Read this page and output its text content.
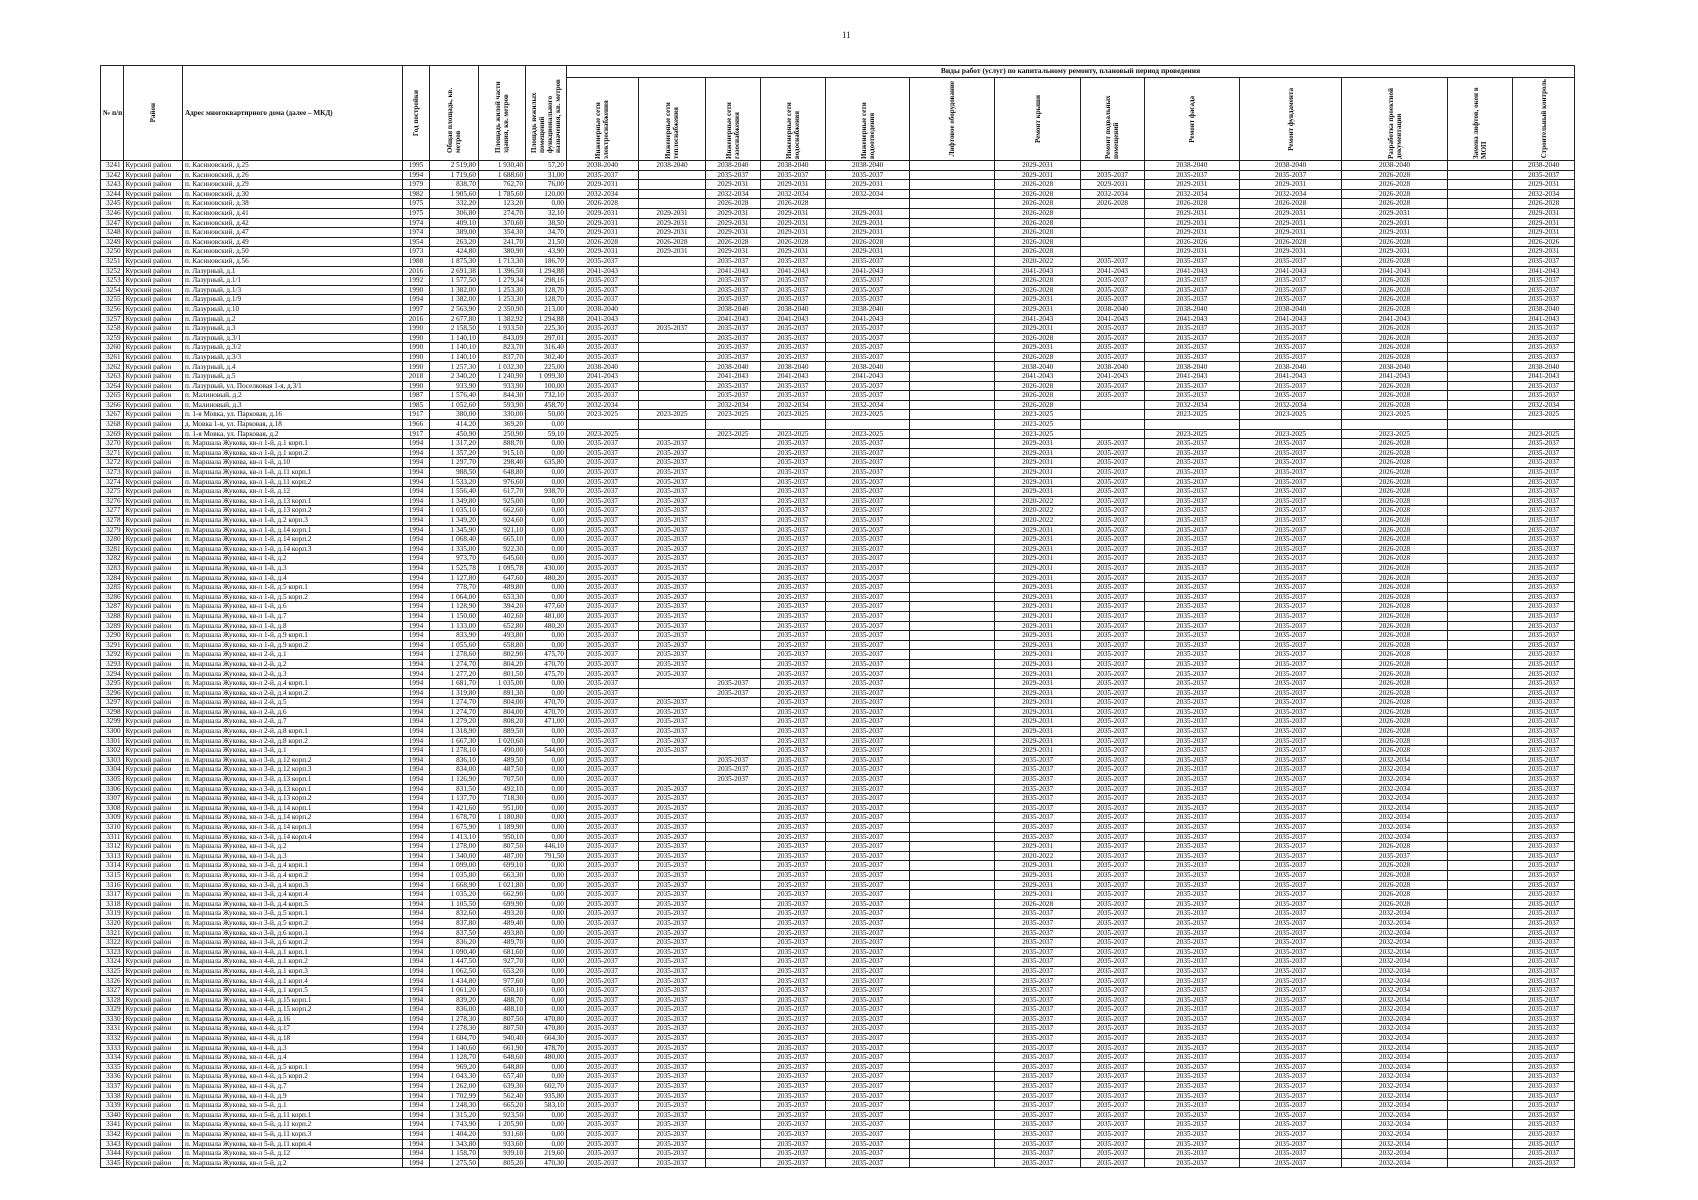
11
№ п/п	Район	Адрес многоквартирного дома (далее – МКД)	Год постройки	Общая площадь, кв. метров	Площадь жилой части здания, кв. метров	Площадь нежилых помещений функционального назначения, кв. метров	Виды работ (услуг) по капитальному ремонту, плановый период проведения												

							Инженерные сети электроснабжения	Инженерные сети теплоснабжения	Инженерные сети газоснабжения	Инженерные сети водоснабжения	Инженерные сети водоотведения	Лифтовое оборудование	Ремонт крыши	Ремонт подвальных помещений	Ремонт фасада	Ремонт фундамента	Разработка проектной документации	Замена лифтов, окон в МОП	Строительный контроль

3241	Курский район	п. Касиновский, д.25	1995	2 519,80	1 930,40	57,20	2038-2040	2038-2040	2038-2040	2038-2040	2038-2040		2029-2031		2038-2040	2038-2040	2038-2040		2038-2040
3242	Курский район	п. Касиновский, д.26	1994	1 719,60	1 688,60	31,00	2035-2037		2035-2037	2035-2037	2035-2037		2029-2031	2035-2037	2035-2037	2035-2037	2026-2028		2035-2037
3243	Курский район	п. Касиновский, д.29	1979	838,70	762,70	76,00	2029-2031		2029-2031	2029-2031	2029-2031		2026-2028	2029-2031	2029-2031	2029-2031	2026-2028		2029-2031
3244	Курский район	п. Касиновский, д.30	1982	1 905,60	1 785,60	120,00	2032-2034		2032-2034	2032-2034	2032-2034		2026-2028	2032-2034	2032-2034	2032-2034	2026-2028		2032-2034
3245	Курский район	п. Касиновский, д.38	1975	332,20	123,20	0,00	2026-2028		2026-2028	2026-2028			2026-2028	2026-2028	2026-2028	2026-2028	2026-2028		2026-2028
3246	Курский район	п. Касиновский, д.41	1975	306,80	274,70	32,10	2029-2031	2029-2031	2029-2031	2029-2031	2029-2031		2026-2028		2029-2031	2029-2031	2029-2031		2029-2031
3247	Курский район	п. Касиновский, д.42	1974	409,10	370,60	38,50	2029-2031	2029-2031	2029-2031	2029-2031	2029-2031		2026-2028		2029-2031	2029-2031	2029-2031		2029-2031
3248	Курский район	п. Касиновский, д.47	1974	389,00	354,30	34,70	2029-2031	2029-2031	2029-2031	2029-2031	2029-2031		2026-2028		2029-2031	2029-2031	2029-2031		2029-2031
3249	Курский район	п. Касиновский, д.49	1954	263,20	241,70	21,50	2026-2028	2026-2028	2026-2028	2026-2028	2026-2028		2026-2028		2026-2026	2026-2028	2026-2028		2026-2026
3250	Курский район	п. Касиновский, д.50	1973	424,80	380,90	43,90	2029-2031	2029-2031	2029-2031	2029-2031	2029-2031		2026-2028		2029-2031	2029-2031	2029-2031		2029-2031
3251	Курский район	п. Касиновский, д.56	1988	1 875,30	1 713,30	186,70	2035-2037		2035-2037	2035-2037	2035-2037		2020-2022	2035-2037	2035-2037	2035-2037	2026-2028		2035-2037
3252	Курский район	п. Лазурный, д.1	2016	2 691,38	1 396,50	1 294,88	2041-2043		2041-2043	2041-2043	2041-2043		2041-2043	2041-2043	2041-2043	2041-2043	2041-2043		2041-2043
3253	Курский район	п. Лазурный, д.1/1	1992	1 577,50	1 279,34	298,16	2035-2037		2035-2037	2035-2037	2035-2037		2026-2028	2035-2037	2035-2037	2035-2037	2026-2028		2035-2037
3254	Курский район	п. Лазурный, д.1/3	1990	1 382,00	1 253,30	128,70	2035-2037		2035-2037	2035-2037	2035-2037		2026-2028	2035-2037	2035-2037	2035-2037	2026-2028		2035-2037
3255	Курский район	п. Лазурный, д.1/9	1994	1 382,00	1 253,30	128,70	2035-2037		2035-2037	2035-2037	2035-2037		2029-2031	2035-2037	2035-2037	2035-2037	2026-2028		2035-2037
3256	Курский район	п. Лазурный, д.10	1997	2 563,90	2 350,90	213,00	2038-2040		2038-2040	2038-2040	2038-2040		2029-2031	2038-2040	2038-2040	2038-2040	2026-2028		2038-2040
3257	Курский район	п. Лазурный, д.2	2016	2 677,80	1 382,92	1 294,88	2041-2043		2041-2043	2041-2043	2041-2043		2041-2043	2041-2043	2041-2043	2041-2043	2041-2043		2041-2043
3258	Курский район	п. Лазурный, д.3	1990	2 158,50	1 933,50	225,30	2035-2037	2035-2037	2035-2037	2035-2037	2035-2037		2029-2031	2035-2037	2035-2037	2035-2037	2026-2028		2035-2037
3259	Курский район	п. Лазурный, д.3/1	1990	1 140,10	843,09	297,01	2035-2037		2035-2037	2035-2037	2035-2037		2026-2028	2035-2037	2035-2037	2035-2037	2026-2028		2035-2037
3260	Курский район	п. Лазурный, д.3/2	1990	1 140,10	823,70	316,40	2035-2037		2035-2037	2035-2037	2035-2037		2029-2031	2035-2037	2035-2037	2035-2037	2026-2028		2035-2037
3261	Курский район	п. Лазурный, д.3/3	1990	1 140,10	837,70	302,40	2035-2037		2035-2037	2035-2037	2035-2037		2026-2028	2035-2037	2035-2037	2035-2037	2026-2028		2035-2037
3262	Курский район	п. Лазурный, д.4	1990	1 257,30	1 032,30	225,00	2038-2040		2038-2040	2038-2040	2038-2040		2038-2040	2038-2040	2038-2040	2038-2040	2038-2040		2038-2040
3263	Курский район	п. Лазурный, д.5	2018	2 340,20	1 240,90	1 099,30	2041-2043		2041-2043	2041-2043	2041-2043		2041-2043	2041-2043	2041-2043	2041-2043	2041-2043		2041-2043
3264	Курский район	п. Лазурный, ул. Поселковая 1-я, д.3/1	1990	933,90	933,90	100,00	2035-2037		2035-2037	2035-2037	2035-2037		2026-2028	2035-2037	2035-2037	2035-2037	2026-2028		2035-2037
3265	Курский район	п. Малиновый, д.2	1987	1 576,40	844,30	732,10	2035-2037		2035-2037	2035-2037	2035-2037		2026-2028	2035-2037	2035-2037	2035-2037	2026-2028		2035-2037
3266	Курский район	п. Малиновый, д.3	1985	1 052,60	593,90	458,70	2032-2034		2032-2034	2032-2034	2032-2034		2026-2028		2032-2034	2032-2034	2026-2028		2032-2034
3267	Курский район	п. 1-я Мовка, ул. Парковая, д.16	1917	380,00	330,00	50,00	2023-2025	2023-2025	2023-2025	2023-2025	2023-2025		2023-2025		2023-2025	2023-2025	2023-2025		2023-2025
3268	Курский район	д. Мовка 1-я, ул. Парковая, д.18	1966	414,20	369,20	0,00							2023-2025						
3269	Курский район	п. 1-я Мовка, ул. Парковая, д.2	1917	450,90	250,90	59,10	2023-2025		2023-2025	2023-2025	2023-2025		2023-2025		2023-2025	2023-2025	2023-2025		2023-2025
3270	Курский район	п. Маршала Жукова, кв-л 1-й, д.1 корп.1	1994	1 317,20	888,70	0,00	2035-2037	2035-2037		2035-2037	2035-2037		2029-2031	2035-2037	2035-2037	2035-2037	2026-2028		2035-2037
3271	Курский район	п. Маршала Жукова, кв-л 1-й, д.1 корп.2	1994	1 357,20	915,10	0,00	2035-2037	2035-2037		2035-2037	2035-2037		2029-2031	2035-2037	2035-2037	2035-2037	2026-2028		2035-2037
3272	Курский район	п. Маршала Жукова, кв-л 1-й, д.10	1994	1 297,70	298,40	635,80	2035-2037	2035-2037		2035-2037	2035-2037		2029-2031	2035-2037	2035-2037	2035-2037	2026-2028		2035-2037
3273	Курский район	п. Маршала Жукова, кв-л 1-й, д.11 корп.1	1994	988,50	648,80	0,00	2035-2037	2035-2037		2035-2037	2035-2037		2029-2031	2035-2037	2035-2037	2035-2037	2026-2028		2035-2037
3274	Курский район	п. Маршала Жукова, кв-л 1-й, д.11 корп.2	1994	1 533,20	976,60	0,00	2035-2037	2035-2037		2035-2037	2035-2037		2029-2031	2035-2037	2035-2037	2035-2037	2026-2028		2035-2037
3275	Курский район	п. Маршала Жукова, кв-л 1-й, д.12	1994	1 556,40	617,70	938,70	2035-2037	2035-2037		2035-2037	2035-2037		2029-2031	2035-2037	2035-2037	2035-2037	2026-2028		2035-2037
3276	Курский район	п. Маршала Жукова, кв-л 1-й, д.13 корп.1	1994	1 349,80	925,00	0,00	2035-2037	2035-2037		2035-2037	2035-2037		2020-2022	2035-2037	2035-2037	2035-2037	2026-2028		2035-2037
3277	Курский район	п. Маршала Жукова, кв-л 1-й, д.13 корп.2	1994	1 035,10	662,60	0,00	2035-2037	2035-2037		2035-2037	2035-2037		2020-2022	2035-2037	2035-2037	2035-2037	2026-2028		2035-2037
3278	Курский район	п. Маршала Жукова, кв-л 1-й, д.2 корп.3	1994	1 349,20	924,60	0,00	2035-2037	2035-2037		2035-2037	2035-2037		2020-2022	2035-2037	2035-2037	2035-2037	2026-2028		2035-2037
3279	Курский район	п. Маршала Жукова, кв-л 1-й, д.14 корп.1	1994	1 345,90	921,10	0,00	2035-2037	2035-2037		2035-2037	2035-2037		2029-2031	2035-2037	2035-2037	2035-2037	2026-2028		2035-2037
3280	Курский район	п. Маршала Жукова, кв-л 1-й, д.14 корп.2	1994	1 068,40	665,10	0,00	2035-2037	2035-2037		2035-2037	2035-2037		2029-2031	2035-2037	2035-2037	2035-2037	2026-2028		2035-2037
3281	Курский район	п. Маршала Жукова, кв-л 1-й, д.14 корп.3	1994	1 335,00	922,30	0,00	2035-2037	2035-2037		2035-2037	2035-2037		2029-2031	2035-2037	2035-2037	2035-2037	2026-2028		2035-2037
3282	Курский район	п. Маршала Жукова, кв-л 1-й, д.2	1994	973,70	645,60	0,00	2035-2037	2035-2037		2035-2037	2035-2037		2029-2031	2035-2037	2035-2037	2035-2037	2026-2028		2035-2037
3283	Курский район	п. Маршала Жукова, кв-л 1-й, д.3	1994	1 525,78	1 095,78	430,00	2035-2037	2035-2037		2035-2037	2035-2037		2029-2031	2035-2037	2035-2037	2035-2037	2026-2028		2035-2037
3284	Курский район	п. Маршала Жукова, кв-л 1-й, д.4	1994	1 127,80	647,60	480,20	2035-2037	2035-2037		2035-2037	2035-2037		2029-2031	2035-2037	2035-2037	2035-2037	2026-2028		2035-2037
3285	Курский район	п. Маршала Жукова, кв-л 1-й, д.5 корп.1	1994	778,70	489,80	0,00	2035-2037	2035-2037		2035-2037	2035-2037		2029-2031	2035-2037	2035-2037	2035-2037	2026-2028		2035-2037
3286	Курский район	п. Маршала Жукова, кв-л 1-й, д.5 корп.2	1994	1 064,00	653,30	0,00	2035-2037	2035-2037		2035-2037	2035-2037		2029-2031	2035-2037	2035-2037	2035-2037	2026-2028		2035-2037
3287	Курский район	п. Маршала Жукова, кв-л 1-й, д.6	1994	1 128,90	394,20	477,60	2035-2037	2035-2037		2035-2037	2035-2037		2029-2031	2035-2037	2035-2037	2035-2037	2026-2028		2035-2037
3288	Курский район	п. Маршала Жукова, кв-л 1-й, д.7	1994	1 150,00	402,60	481,00	2035-2037	2035-2037		2035-2037	2035-2037		2029-2031	2035-2037	2035-2037	2035-2037	2026-2028		2035-2037
3289	Курский район	п. Маршала Жукова, кв-л 1-й, д.8	1994	1 133,00	652,80	480,20	2035-2037	2035-2037		2035-2037	2035-2037		2029-2031	2035-2037	2035-2037	2035-2037	2026-2028		2035-2037
3290	Курский район	п. Маршала Жукова, кв-л 1-й, д.9 корп.1	1994	833,90	493,80	0,00	2035-2037	2035-2037		2035-2037	2035-2037		2029-2031	2035-2037	2035-2037	2035-2037	2026-2028		2035-2037
3291	Курский район	п. Маршала Жукова, кв-л 1-й, д.9 корп.2	1994	1 055,60	658,80	0,00	2035-2037	2035-2037		2035-2037	2035-2037		2029-2031	2035-2037	2035-2037	2035-2037	2026-2028		2035-2037
3292	Курский район	п. Маршала Жукова, кв-л 2-й, д.1	1994	1 278,60	802,90	475,70	2035-2037	2035-2037		2035-2037	2035-2037		2029-2031	2035-2037	2035-2037	2035-2037	2026-2028		2035-2037
3293	Курский район	п. Маршала Жукова, кв-л 2-й, д.2	1994	1 274,70	804,20	470,70	2035-2037	2035-2037		2035-2037	2035-2037		2029-2031	2035-2037	2035-2037	2035-2037	2026-2028		2035-2037
3294	Курский район	п. Маршала Жукова, кв-л 2-й, д.3	1994	1 277,20	801,50	475,70	2035-2037	2035-2037		2035-2037	2035-2037		2029-2031	2035-2037	2035-2037	2035-2037	2026-2028		2035-2037
3295	Курский район	п. Маршала Жукова, кв-л 2-й, д.4 корп.1	1994	1 681,70	1 035,00	0,00	2035-2037		2035-2037	2035-2037	2035-2037		2029-2031	2035-2037	2035-2037	2035-2037	2026-2028		2035-2037
3296	Курский район	п. Маршала Жукова, кв-л 2-й, д.4 корп.2	1994	1 319,80	891,30	0,00	2035-2037		2035-2037	2035-2037	2035-2037		2029-2031	2035-2037	2035-2037	2035-2037	2026-2028		2035-2037
3297	Курский район	п. Маршала Жукова, кв-л 2-й, д.5	1994	1 274,70	804,00	470,70	2035-2037	2035-2037		2035-2037	2035-2037		2029-2031	2035-2037	2035-2037	2035-2037	2026-2028		2035-2037
3298	Курский район	п. Маршала Жукова, кв-л 2-й, д.6	1994	1 274,70	804,00	470,70	2035-2037	2035-2037		2035-2037	2035-2037		2029-2031	2035-2037	2035-2037	2035-2037	2026-2028		2035-2037
3299	Курский район	п. Маршала Жукова, кв-л 2-й, д.7	1994	1 279,20	808,20	471,00	2035-2037	2035-2037		2035-2037	2035-2037		2029-2031	2035-2037	2035-2037	2035-2037	2026-2028		2035-2037
3300	Курский район	п. Маршала Жукова, кв-л 2-й, д.8 корп.1	1994	1 318,90	889,50	0,00	2035-2037	2035-2037		2035-2037	2035-2037		2029-2031	2035-2037	2035-2037	2035-2037	2026-2028		2035-2037
3301	Курский район	п. Маршала Жукова, кв-л 2-й, д.8 корп.2	1994	1 667,30	1 020,60	0,00	2035-2037	2035-2037		2035-2037	2035-2037		2029-2031	2035-2037	2035-2037	2035-2037	2026-2028		2035-2037
3302	Курский район	п. Маршала Жукова, кв-л 3-й, д.1	1994	1 278,10	490,00	544,00	2035-2037	2035-2037		2035-2037	2035-2037		2029-2031	2035-2037	2035-2037	2035-2037	2026-2028		2035-2037
3303	Курский район	п. Маршала Жукова, кв-л 3-й, д.12 корп.2	1994	836,10	489,50	0,00	2035-2037		2035-2037	2035-2037	2035-2037		2035-2037	2035-2037	2035-2037	2035-2037	2032-2034		2035-2037
3304	Курский район	п. Маршала Жукова, кв-л 3-й, д.12 корп.3	1994	834,00	487,50	0,00	2035-2037		2035-2037	2035-2037	2035-2037		2035-2037	2035-2037	2035-2037	2035-2037	2032-2034		2035-2037
3305	Курский район	п. Маршала Жукова, кв-л 3-й, д.13 корп.1	1994	1 126,90	707,50	0,00	2035-2037		2035-2037	2035-2037	2035-2037		2035-2037	2035-2037	2035-2037	2035-2037	2032-2034		2035-2037
3306	Курский район	п. Маршала Жукова, кв-л 3-й, д.13 корп.1	1994	831,50	492,10	0,00	2035-2037	2035-2037		2035-2037	2035-2037		2035-2037	2035-2037	2035-2037	2035-2037	2032-2034		2035-2037
3307	Курский район	п. Маршала Жукова, кв-л 3-й, д.13 корп.2	1994	1 137,70	718,30	0,00	2035-2037	2035-2037		2035-2037	2035-2037		2035-2037	2035-2037	2035-2037	2035-2037	2032-2034		2035-2037
3308	Курский район	п. Маршала Жукова, кв-л 3-й, д.14 корп.1	1994	1 421,60	951,00	0,00	2035-2037	2035-2037		2035-2037	2035-2037		2035-2037	2035-2037	2035-2037	2035-2037	2032-2034		2035-2037
3309	Курский район	п. Маршала Жукова, кв-л 3-й, д.14 корп.2	1994	1 678,70	1 180,80	0,00	2035-2037	2035-2037		2035-2037	2035-2037		2035-2037	2035-2037	2035-2037	2035-2037	2032-2034		2035-2037
3310	Курский район	п. Маршала Жукова, кв-л 3-й, д.14 корп.3	1994	1 675,90	1 189,90	0,00	2035-2037	2035-2037		2035-2037	2035-2037		2035-2037	2035-2037	2035-2037	2035-2037	2032-2034		2035-2037
3311	Курский район	п. Маршала Жукова, кв-л 3-й, д.14 корп.4	1994	1 413,10	950,10	0,00	2035-2037	2035-2037		2035-2037	2035-2037		2035-2037	2035-2037	2035-2037	2035-2037	2032-2034		2035-2037
3312	Курский район	п. Маршала Жукова, кв-л 3-й, д.2	1994	1 278,00	807,50	446,10	2035-2037	2035-2037		2035-2037	2035-2037		2029-2031	2035-2037	2035-2037	2035-2037	2026-2028		2035-2037
3313	Курский район	п. Маршала Жукова, кв-л 3-й, д.3	1994	1 340,00	487,00	791,50	2035-2037	2035-2037		2035-2037	2035-2037		2020-2022	2035-2037	2035-2037	2035-2037	2035-2037		2035-2037
3314	Курский район	п. Маршала Жукова, кв-л 3-й, д.4 корп.1	1994	1 099,00	699,10	0,00	2035-2037	2035-2037		2035-2037	2035-2037		2029-2031	2035-2037	2035-2037	2035-2037	2026-2028		2035-2037
3315	Курский район	п. Маршала Жукова, кв-л 3-й, д.4 корп.2	1994	1 035,80	663,30	0,00	2035-2037	2035-2037		2035-2037	2035-2037		2029-2031	2035-2037	2035-2037	2035-2037	2026-2028		2035-2037
3316	Курский район	п. Маршала Жукова, кв-л 3-й, д.4 корп.3	1994	1 668,90	1 021,80	0,00	2035-2037	2035-2037		2035-2037	2035-2037		2029-2031	2035-2037	2035-2037	2035-2037	2026-2028		2035-2037
3317	Курский район	п. Маршала Жукова, кв-л 3-й, д.4 корп.4	1994	1 035,20	662,90	0,00	2035-2037	2035-2037		2035-2037	2035-2037		2029-2031	2035-2037	2035-2037	2035-2037	2026-2028		2035-2037
3318	Курский район	п. Маршала Жукова, кв-л 3-й, д.4 корп.5	1994	1 105,50	699,90	0,00	2035-2037	2035-2037		2035-2037	2035-2037		2026-2028	2035-2037	2035-2037	2035-2037	2026-2028		2035-2037
3319	Курский район	п. Маршала Жукова, кв-л 3-й, д.5 корп.1	1994	832,60	493,20	0,00	2035-2037	2035-2037		2035-2037	2035-2037		2035-2037	2035-2037	2035-2037	2035-2037	2032-2034		2035-2037
3320	Курский район	п. Маршала Жукова, кв-л 3-й, д.5 корп.2	1994	837,80	489,40	0,00	2035-2037	2035-2037		2035-2037	2035-2037		2035-2037	2035-2037	2035-2037	2035-2037	2032-2034		2035-2037
3321	Курский район	п. Маршала Жукова, кв-л 3-й, д.6 корп.1	1994	837,50	493,80	0,00	2035-2037	2035-2037		2035-2037	2035-2037		2035-2037	2035-2037	2035-2037	2035-2037	2032-2034		2035-2037
3322	Курский район	п. Маршала Жукова, кв-л 3-й, д.6 корп.2	1994	836,20	489,70	0,00	2035-2037	2035-2037		2035-2037	2035-2037		2035-2037	2035-2037	2035-2037	2035-2037	2032-2034		2035-2037
3323	Курский район	п. Маршала Жукова, кв-л 4-й, д.1 корп.1	1994	1 090,40	681,60	0,00	2035-2037	2035-2037		2035-2037	2035-2037		2035-2037	2035-2037	2035-2037	2035-2037	2032-2034		2035-2037
3324	Курский район	п. Маршала Жукова, кв-л 4-й, д.1 корп.2	1994	1 447,50	927,70	0,00	2035-2037	2035-2037		2035-2037	2035-2037		2035-2037	2035-2037	2035-2037	2035-2037	2032-2034		2035-2037
3325	Курский район	п. Маршала Жукова, кв-л 4-й, д.1 корп.3	1994	1 062,50	653,20	0,00	2035-2037	2035-2037		2035-2037	2035-2037		2035-2037	2035-2037	2035-2037	2035-2037	2032-2034		2035-2037
3326	Курский район	п. Маршала Жукова, кв-л 4-й, д.1 корп.4	1994	1 434,80	977,60	0,00	2035-2037	2035-2037		2035-2037	2035-2037		2035-2037	2035-2037	2035-2037	2035-2037	2032-2034		2035-2037
3327	Курский район	п. Маршала Жукова, кв-л 4-й, д.1 корп.5	1994	1 061,20	650,10	0,00	2035-2037	2035-2037		2035-2037	2035-2037		2035-2037	2035-2037	2035-2037	2035-2037	2032-2034		2035-2037
3328	Курский район	п. Маршала Жукова, кв-л 4-й, д.15 корп.1	1994	839,20	488,70	0,00	2035-2037	2035-2037		2035-2037	2035-2037		2035-2037	2035-2037	2035-2037	2035-2037	2032-2034		2035-2037
3329	Курский район	п. Маршала Жукова, кв-л 4-й, д.15 корп.2	1994	836,00	488,10	0,00	2035-2037	2035-2037		2035-2037	2035-2037		2035-2037	2035-2037	2035-2037	2035-2037	2032-2034		2035-2037
3330	Курский район	п. Маршала Жукова, кв-л 4-й, д.16	1994	1 278,30	807,50	470,80	2035-2037	2035-2037		2035-2037	2035-2037		2035-2037	2035-2037	2035-2037	2035-2037	2032-2034		2035-2037
3331	Курский район	п. Маршала Жукова, кв-л 4-й, д.17	1994	1 278,30	807,50	470,80	2035-2037	2035-2037		2035-2037	2035-2037		2035-2037	2035-2037	2035-2037	2035-2037	2032-2034		2035-2037
3332	Курский район	п. Маршала Жукова, кв-л 4-й, д.18	1994	1 604,70	940,40	664,30	2035-2037	2035-2037		2035-2037	2035-2037		2035-2037	2035-2037	2035-2037	2035-2037	2032-2034		2035-2037
3333	Курский район	п. Маршала Жукова, кв-л 4-й, д.3	1994	1 140,60	661,90	478,70	2035-2037	2035-2037		2035-2037	2035-2037		2035-2037	2035-2037	2035-2037	2035-2037	2032-2034		2035-2037
3334	Курский район	п. Маршала Жукова, кв-л 4-й, д.4	1994	1 128,70	648,60	480,00	2035-2037	2035-2037		2035-2037	2035-2037		2035-2037	2035-2037	2035-2037	2035-2037	2032-2034		2035-2037
3335	Курский район	п. Маршала Жукова, кв-л 4-й, д.5 корп.1	1994	969,20	648,80	0,00	2035-2037	2035-2037		2035-2037	2035-2037		2035-2037	2035-2037	2035-2037	2035-2037	2032-2034		2035-2037
3336	Курский район	п. Маршала Жукова, кв-л 4-й, д.5 корп.2	1994	1 043,30	657,40	0,00	2035-2037	2035-2037		2035-2037	2035-2037		2035-2037	2035-2037	2035-2037	2035-2037	2032-2034		2035-2037
3337	Курский район	п. Маршала Жукова, кв-л 4-й, д.7	1994	1 262,00	639,30	602,70	2035-2037	2035-2037		2035-2037	2035-2037		2035-2037	2035-2037	2035-2037	2035-2037	2032-2034		2035-2037
3338	Курский район	п. Маршала Жукова, кв-л 4-й, д.9	1994	1 702,99	562,40	935,80	2035-2037	2035-2037		2035-2037	2035-2037		2035-2037	2035-2037	2035-2037	2035-2037	2032-2034		2035-2037
3339	Курский район	п. Маршала Жукова, кв-л 5-й, д.1	1994	1 248,30	665,20	583,10	2035-2037	2035-2037		2035-2037	2035-2037		2035-2037	2035-2037	2035-2037	2035-2037	2032-2034		2035-2037
3340	Курский район	п. Маршала Жукова, кв-л 5-й, д.11 корп.1	1994	1 315,20	923,50	0,00	2035-2037	2035-2037		2035-2037	2035-2037		2035-2037	2035-2037	2035-2037	2035-2037	2032-2034		2035-2037
3341	Курский район	п. Маршала Жукова, кв-л 5-й, д.11 корп.2	1994	1 743,90	1 205,90	0,00	2035-2037	2035-2037		2035-2037	2035-2037		2035-2037	2035-2037	2035-2037	2035-2037	2032-2034		2035-2037
3342	Курский район	п. Маршала Жукова, кв-л 5-й, д.11 корп.3	1994	1 404,20	931,60	0,00	2035-2037	2035-2037		2035-2037	2035-2037		2035-2037	2035-2037	2035-2037	2035-2037	2032-2034		2035-2037
3343	Курский район	п. Маршала Жукова, кв-л 5-й, д.11 корп.4	1994	1 343,80	933,60	0,00	2035-2037	2035-2037		2035-2037	2035-2037		2035-2037	2035-2037	2035-2037	2035-2037	2032-2034		2035-2037
3344	Курский район	п. Маршала Жукова, кв-л 5-й, д.12	1994	1 158,70	939,10	219,60	2035-2037	2035-2037		2035-2037	2035-2037		2035-2037	2035-2037	2035-2037	2035-2037	2032-2034		2035-2037
3345	Курский район	п. Маршала Жукова, кв-л 5-й, д.2	1994	1 275,50	805,20	470,30	2035-2037	2035-2037		2035-2037	2035-2037		2035-2037	2035-2037	2035-2037	2035-2037	2032-2034		2035-2037
